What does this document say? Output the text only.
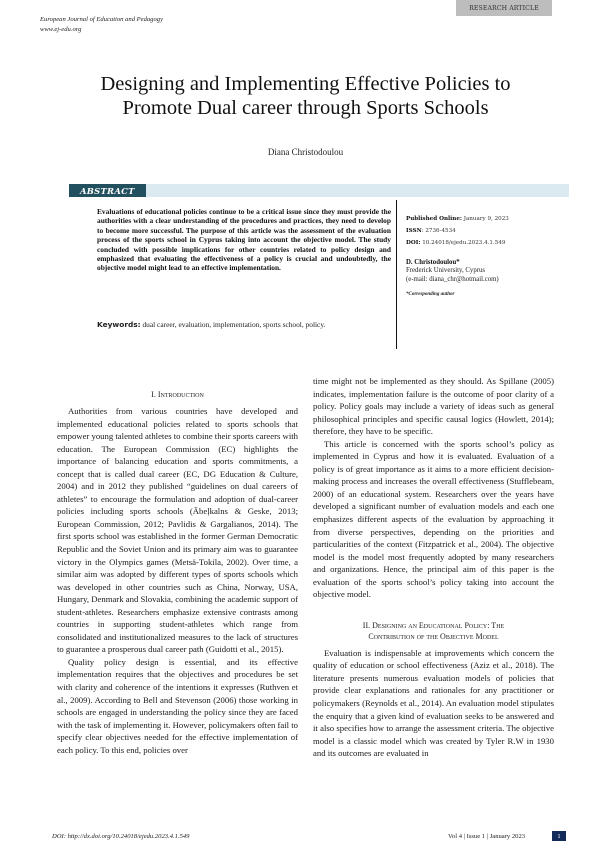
RESEARCH ARTICLE
European Journal of Education and Pedagogy
www.ej-edu.org
Designing and Implementing Effective Policies to
Promote Dual career through Sports Schools
Diana Christodoulou
ABSTRACT
Evaluations of educational policies continue to be a critical issue since they must provide the authorities with a clear understanding of the procedures and practices, they need to develop to become more successful. The purpose of this article was the assessment of the evaluation process of the sports school in Cyprus taking into account the objective model. The study concluded with possible implications for other countries related to policy design and emphasized that evaluating the effectiveness of a policy is crucial and undoubtedly, the objective model might lead to an effective implementation.
Keywords: dual career, evaluation, implementation, sports school, policy.
Published Online: January 9, 2023
ISSN: 2736-4534
DOI: 10.24018/ejedu.2023.4.1.549
D. Christodoulou*
Frederick University, Cyprus
(e-mail: diana_chr@hotmail.com)
*Corresponding author
I. Introduction

Authorities from various countries have developed and implemented educational policies related to sports schools that empower young talented athletes to combine their sports careers with education. The European Commission (EC) highlights the importance of balancing education and sports commitments, a concept that is called dual career (EC, DG Education & Culture, 2004) and in 2012 they published “guidelines on dual careers of athletes” to encourage the formulation and adoption of dual-career policies including sports schools (Ābeļkalns & Geske, 2013; European Commission, 2012; Pavlidis & Gargalianos, 2014). The first sports school was established in the former German Democratic Republic and the Soviet Union and its primary aim was to guarantee victory in the Olympics games (Metsä-Tokila, 2002). Over time, a similar aim was adopted by different types of sports schools which was developed in other countries such as China, Norway, USA, Hungary, Denmark and Slovakia, combining the academic support of student-athletes. Researchers emphasize extensive contrasts among countries in supporting student-athletes which range from consolidated and institutionalized measures to the lack of structures to guarantee a prosperous dual career path (Guidotti et al., 2015).

Quality policy design is essential, and its effective implementation requires that the objectives and procedures be set with clarity and coherence of the intentions it expresses (Ruthven et al., 2009). According to Bell and Stevenson (2006) those working in schools are engaged in understanding the policy since they are faced with the task of implementing it. However, policymakers often fail to specify clear objectives needed for the effective implementation of each policy. To this end, policies over

time might not be implemented as they should. As Spillane (2005) indicates, implementation failure is the outcome of poor clarity of a policy. Policy goals may include a variety of ideas such as general philosophical principles and specific causal logics (Howlett, 2014); therefore, they have to be specific.

This article is concerned with the sports school’s policy as implemented in Cyprus and how it is evaluated. Evaluation of a policy is of great importance as it aims to a more efficient decision-making process and increases the overall effectiveness (Stufflebeam, 2000) of an educational system. Researchers over the years have developed a significant number of evaluation models and each one emphasizes different aspects of the evaluation by approaching it from diverse perspectives, depending on the priorities and particularities of the context (Fitzpatrick et al., 2004). The objective model is the model most frequently adopted by many researchers and organizations. Hence, the principal aim of this paper is the evaluation of the sports school’s policy taking into account the objective model.

II. Designing an Educational Policy: The
Contribution of the Objective Model

Evaluation is indispensable at improvements which concern the quality of education or school effectiveness (Aziz et al., 2018). The literature presents numerous evaluation models of policies that provide clear explanations and rationales for any practitioner or policymakers (Reynolds et al., 2014). An evaluation model stipulates the enquiry that a given kind of evaluation seeks to be answered and it also specifies how to arrange the assessment criteria. The objective model is a classic model which was created by Tyler R.W in 1930 and its outcomes are evaluated in

DOI: http://dx.doi.org/10.24018/ejedu.2023.4.1.549	Vol 4 | Issue 1 | January 2023	1
